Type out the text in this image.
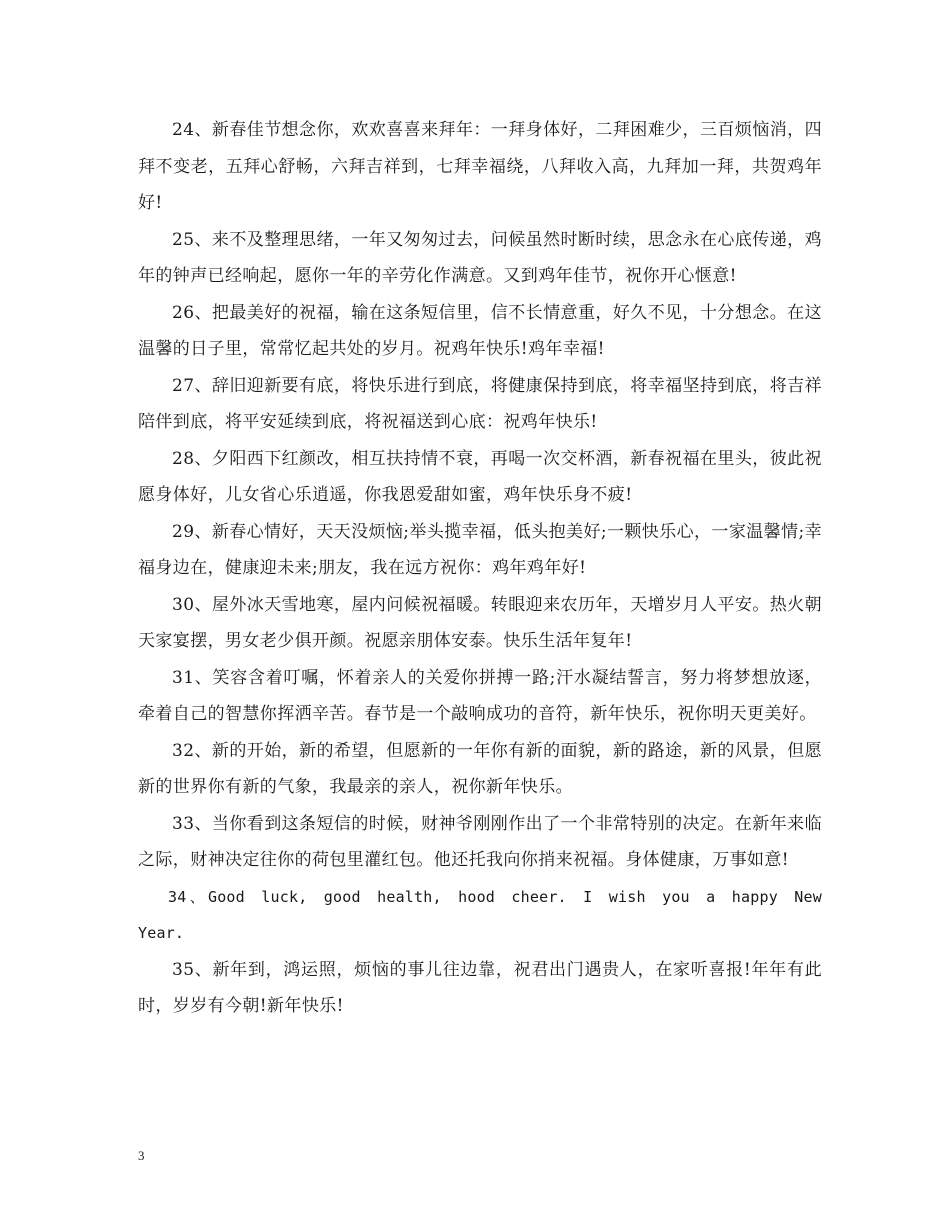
24、新春佳节想念你，欢欢喜喜来拜年：一拜身体好，二拜困难少，三百烦恼消，四拜不变老，五拜心舒畅，六拜吉祥到，七拜幸福绕，八拜收入高，九拜加一拜，共贺鸡年好!

25、来不及整理思绪，一年又匆匆过去，问候虽然时断时续，思念永在心底传递，鸡年的钟声已经响起，愿你一年的辛劳化作满意。又到鸡年佳节，祝你开心惬意!

26、把最美好的祝福，输在这条短信里，信不长情意重，好久不见，十分想念。在这温馨的日子里，常常忆起共处的岁月。祝鸡年快乐!鸡年幸福!

27、辞旧迎新要有底，将快乐进行到底，将健康保持到底，将幸福坚持到底，将吉祥陪伴到底，将平安延续到底，将祝福送到心底：祝鸡年快乐!

28、夕阳西下红颜改，相互扶持情不衰，再喝一次交杯酒，新春祝福在里头，彼此祝愿身体好，儿女省心乐逍遥，你我恩爱甜如蜜，鸡年快乐身不疲!

29、新春心情好，天天没烦恼;举头揽幸福，低头抱美好;一颗快乐心，一家温馨情;幸福身边在，健康迎未来;朋友，我在远方祝你：鸡年鸡年好!

30、屋外冰天雪地寒，屋内问候祝福暖。转眼迎来农历年，天增岁月人平安。热火朝天家宴摆，男女老少俱开颜。祝愿亲朋体安泰。快乐生活年复年!

31、笑容含着叮嘱，怀着亲人的关爱你拼搏一路;汗水凝结誓言，努力将梦想放逐，牵着自己的智慧你挥洒辛苦。春节是一个敲响成功的音符，新年快乐，祝你明天更美好。

32、新的开始，新的希望，但愿新的一年你有新的面貌，新的路途，新的风景，但愿新的世界你有新的气象，我最亲的亲人，祝你新年快乐。

33、当你看到这条短信的时候，财神爷刚刚作出了一个非常特别的决定。在新年来临之际，财神决定往你的荷包里灌红包。他还托我向你捎来祝福。身体健康，万事如意!

34、Good luck, good health, hood cheer. I wish you a happy New Year.

35、新年到，鸿运照，烦恼的事儿往边靠，祝君出门遇贵人，在家听喜报!年年有此时，岁岁有今朝!新年快乐!

3
